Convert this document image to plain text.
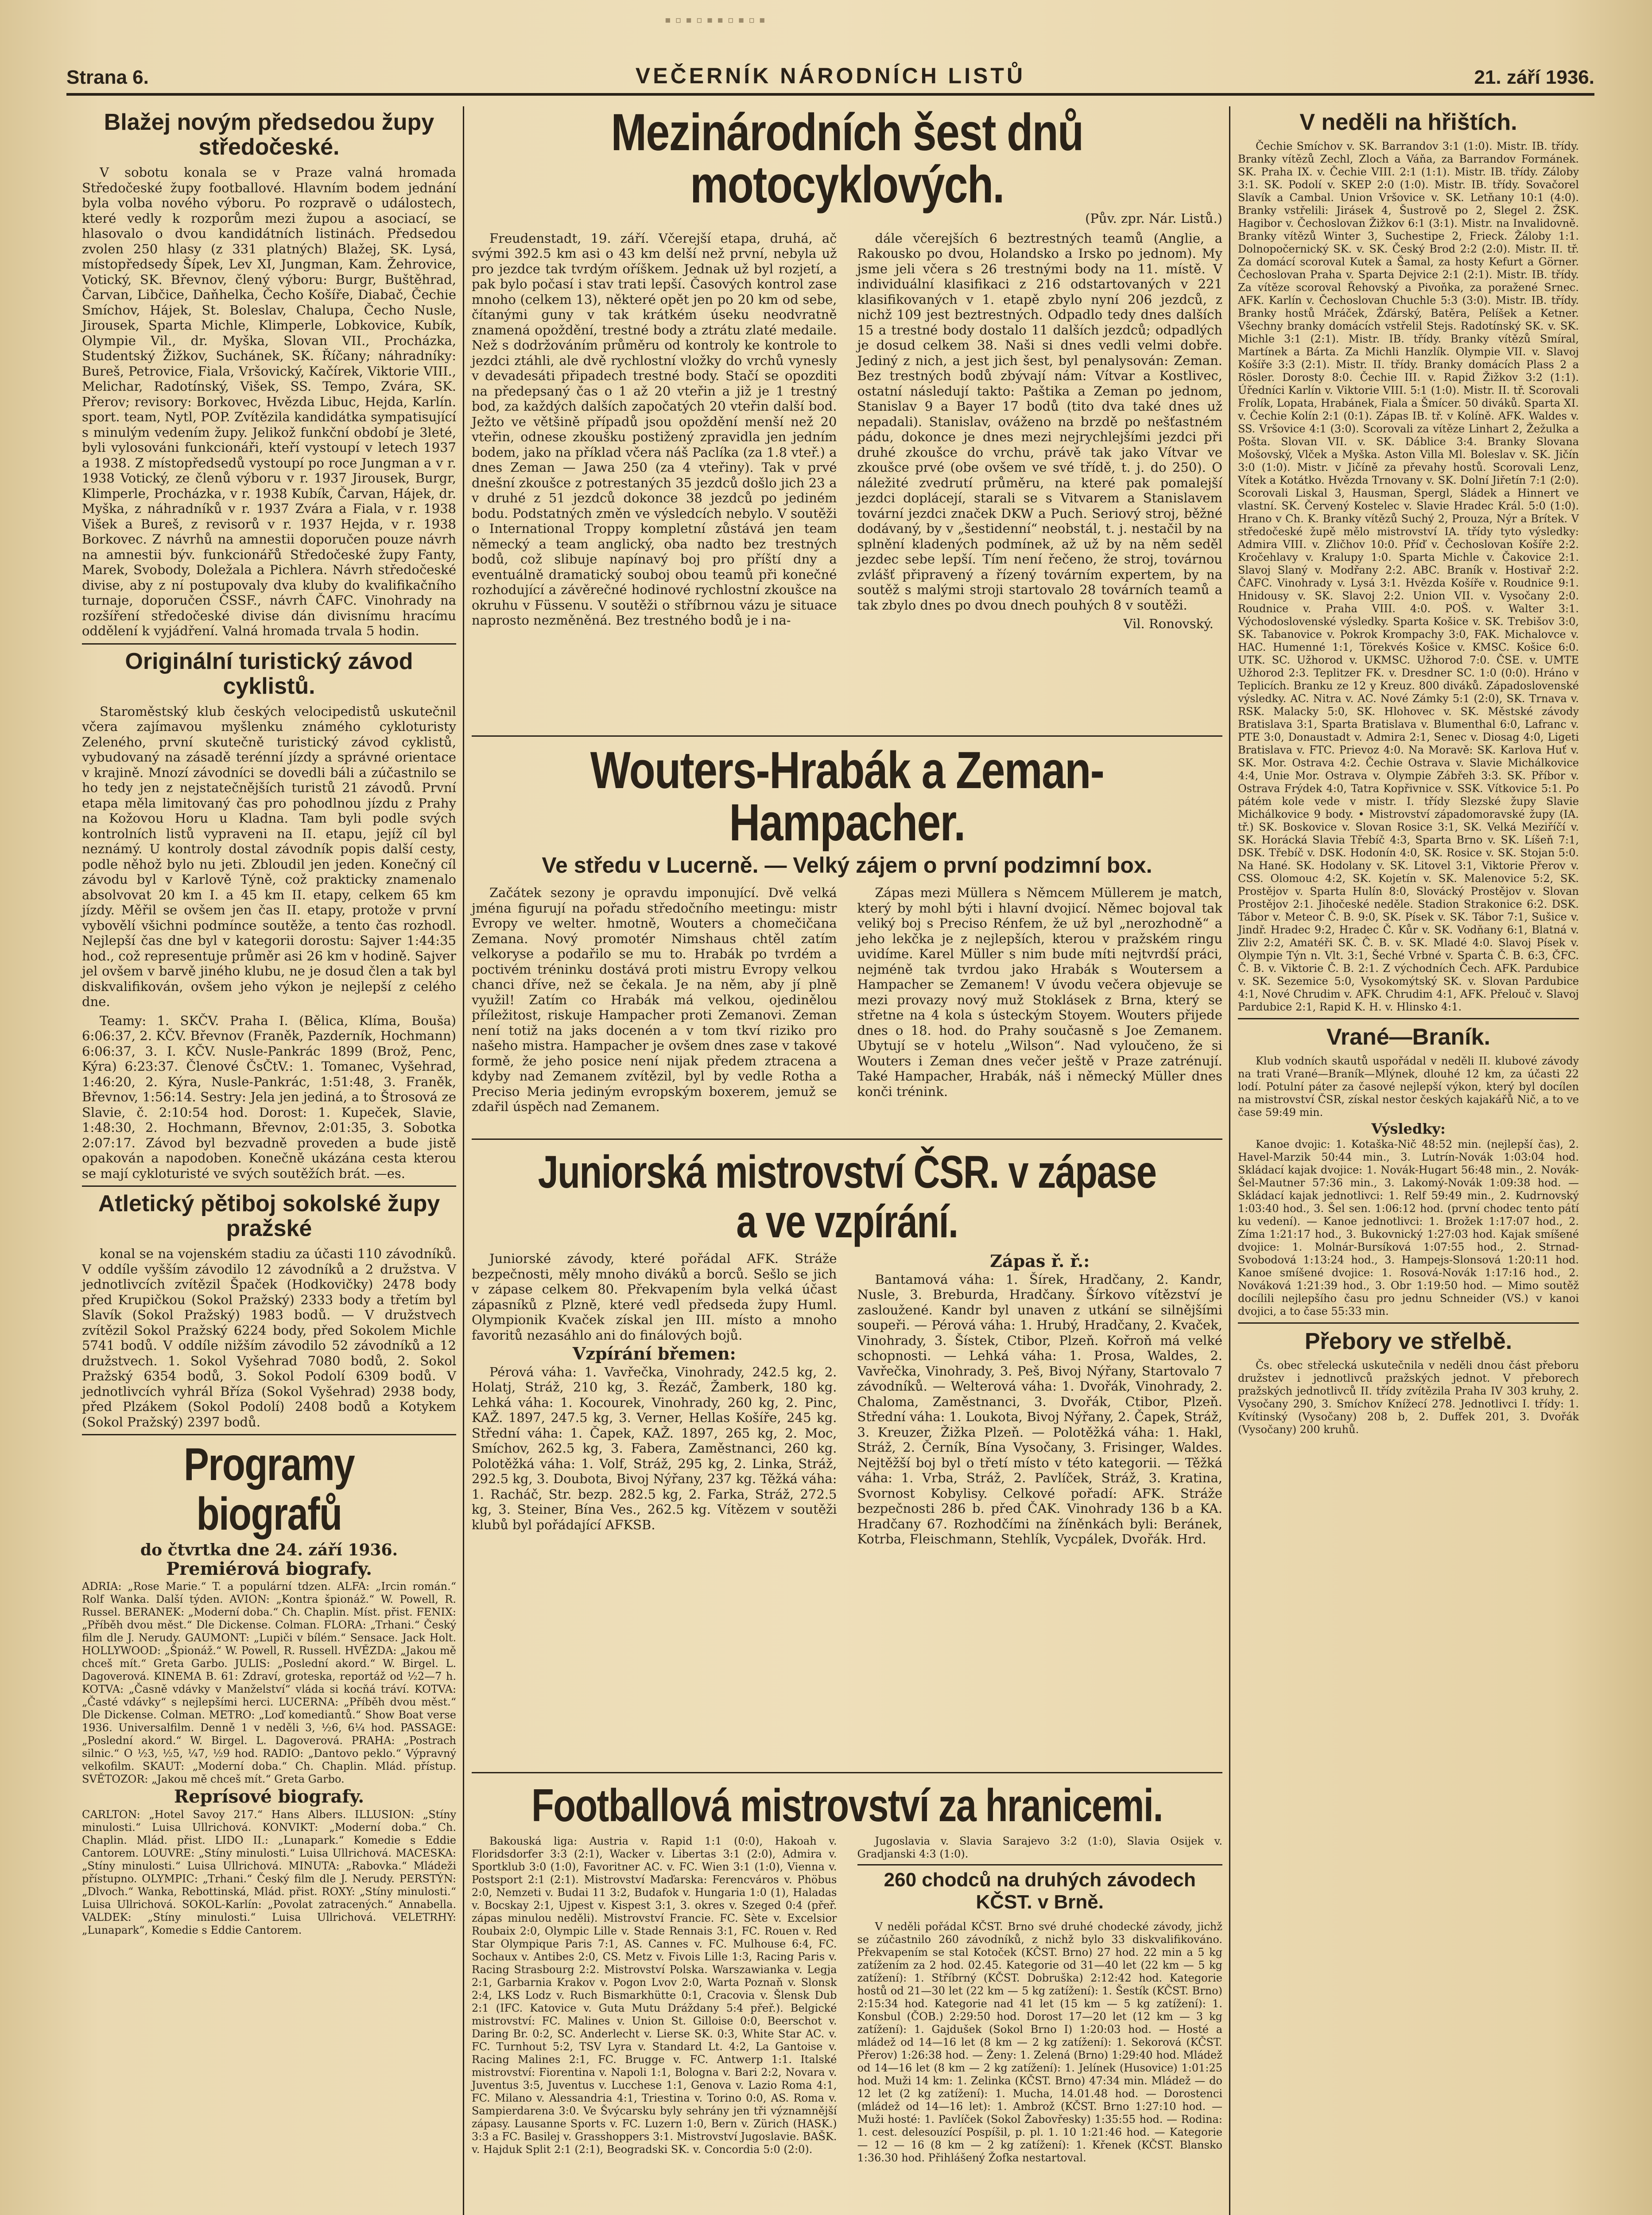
▪▫▪▫▪▪▫▪▫▪
Strana 6.	VEČERNÍK NÁRODNÍCH LISTŮ	21. září 1936.
Blažej novým předsedou župy středočeské.

V sobotu konala se v Praze valná hromada Středočeské župy footballové. Hlavním bodem jednání byla volba nového výboru. Po rozpravě o událostech, které vedly k rozporům mezi župou a asociací, se hlasovalo o dvou kandidátních listinách. Předsedou zvolen 250 hlasy (z 331 platných) Blažej, SK. Lysá, místopředsedy Šípek, Lev XI, Jungman, Kam. Žehrovice, Votický, SK. Břevnov, člený výboru: Burgr, Buštěhrad, Čarvan, Libčice, Daňhelka, Čecho Košíře, Diabač, Čechie Smíchov, Hájek, St. Boleslav, Chalupa, Čecho Nusle, Jirousek, Sparta Michle, Klimperle, Lobkovice, Kubík, Olympie Vil., dr. Myška, Slovan VII., Procházka, Studentský Žižkov, Suchánek, SK. Říčany; náhradníky: Bureš, Petrovice, Fiala, Vršovický, Kačírek, Viktorie VIII., Melichar, Radotínský, Višek, SS. Tempo, Zvára, SK. Přerov; revisory: Borkovec, Hvězda Libuc, Hejda, Karlín. sport. team, Nytl, POP. Zvítězila kandidátka sympatisující s minulým vedením župy. Jelikož funkční období je 3leté, byli vylosováni funkcionáři, kteří vystoupí v letech 1937 a 1938. Z místopředsedů vystoupí po roce Jungman a v r. 1938 Votický, ze členů výboru v r. 1937 Jirousek, Burgr, Klimperle, Procházka, v r. 1938 Kubík, Čarvan, Hájek, dr. Myška, z náhradníků v r. 1937 Zvára a Fiala, v r. 1938 Višek a Bureš, z revisorů v r. 1937 Hejda, v r. 1938 Borkovec. Z návrhů na amnestii doporučen pouze návrh na amnestii býv. funkcionářů Středočeské župy Fanty, Marek, Svobody, Doležala a Pichlera. Návrh středočeské divise, aby z ní postupovaly dva kluby do kvalifikačního turnaje, doporučen ČSSF., návrh ČAFC. Vinohrady na rozšíření středočeské divise dán divisnímu hracímu oddělení k vyjádření. Valná hromada trvala 5 hodin.

Originální turistický závod cyklistů.

Staroměstský klub českých velocipedistů uskutečnil včera zajímavou myšlenku známého cykloturisty Zeleného, první skutečně turistický závod cyklistů, vybudovaný na zásadě terénní jízdy a správné orientace v krajině. Mnozí závodníci se dovedli báli a zúčastnilo se ho tedy jen z nejstatečnějších turistů 21 závodů. První etapa měla limitovaný čas pro pohodlnou jízdu z Prahy na Kožovou Horu u Kladna. Tam byli podle svých kontrolních listů vypraveni na II. etapu, jejíž cíl byl neznámý. U kontroly dostal závodník popis další cesty, podle něhož bylo nu jeti. Zbloudil jen jeden. Konečný cíl závodu byl v Karlově Týně, což prakticky znamenalo absolvovat 20 km I. a 45 km II. etapy, celkem 65 km jízdy. Měřil se ovšem jen čas II. etapy, protože v první vybovělí všichni podmínce soutěže, a tento čas rozhodl. Nejlepší čas dne byl v kategorii dorostu: Sajver 1:44:35 hod., což representuje průměr asi 26 km v hodině. Sajver jel ovšem v barvě jiného klubu, ne je dosud člen a tak byl diskvalifikován, ovšem jeho výkon je nejlepší z celého dne.

Teamy: 1. SKČV. Praha I. (Bělica, Klíma, Bouša) 6:06:37, 2. KČV. Břevnov (Franěk, Pazderník, Hochmann) 6:06:37, 3. I. KČV. Nusle-Pankrác 1899 (Brož, Penc, Kýra) 6:23:37. Členové ČsČtV.: 1. Tomanec, Vyšehrad, 1:46:20, 2. Kýra, Nusle-Pankrác, 1:51:48, 3. Franěk, Břevnov, 1:56:14. Sestry: Jela jen jediná, a to Štrosová ze Slavie, č. 2:10:54 hod. Dorost: 1. Kupeček, Slavie, 1:48:30, 2. Hochmann, Břevnov, 2:01:35, 3. Sobotka 2:07:17. Závod byl bezvadně proveden a bude jistě opakován a napodoben. Konečně ukázána cesta kterou se mají cykloturisté ve svých soutěžích brát. —es.

Atletický pětiboj sokolské župy pražské

konal se na vojenském stadiu za účasti 110 závodníků. V oddíle vyšším závodilo 12 závodníků a 2 družstva. V jednotlivcích zvítězil Špaček (Hodkovičky) 2478 body před Krupičkou (Sokol Pražský) 2333 body a třetím byl Slavík (Sokol Pražský) 1983 bodů. — V družstvech zvítězil Sokol Pražský 6224 body, před Sokolem Michle 5741 bodů. V oddíle nižším závodilo 52 závodníků a 12 družstvech. 1. Sokol Vyšehrad 7080 bodů, 2. Sokol Pražský 6354 bodů, 3. Sokol Podolí 6309 bodů. V jednotlivcích vyhrál Bříza (Sokol Vyšehrad) 2938 body, před Plzákem (Sokol Podolí) 2408 bodů a Kotykem (Sokol Pražský) 2397 bodů.

Programy biografů
do čtvrtka dne 24. září 1936.
Premiérová biografy.
ADRIA: „Rose Marie.“ T. a populární tdzen. ALFA: „Ircin román.“ Rolf Wanka. Další týden. AVION: „Kontra špionáž.“ W. Powell, R. Russel. BERANEK: „Moderní doba.“ Ch. Chaplin. Míst. přist. FENIX: „Příběh dvou měst.“ Dle Dickense. Colman. FLORA: „Trhani.“ Český film dle J. Nerudy. GAUMONT: „Lupiči v bílém.“ Sensace. Jack Holt. HOLLYWOOD: „Špionáž.“ W. Powell, R. Russell. HVĚZDA: „Jakou mě chceš mít.“ Greta Garbo. JULIS: „Poslední akord.“ W. Birgel. L. Dagoverová. KINEMA B. 61: Zdraví, groteska, reportáž od ½2—7 h. KOTVA: „Časně vdávky v Manželství“ vláda si kocňá tráví. KOTVA: „Časté vdávky“ s nejlepšími herci. LUCERNA: „Příběh dvou měst.“ Dle Dickense. Colman. METRO: „Loď komediantů.“ Show Boat verse 1936. Universalfilm. Denně 1 v neděli 3, ½6, 6¼ hod. PASSAGE: „Poslední akord.“ W. Birgel. L. Dagoverová. PRAHA: „Postrach silnic.“ O ½3, ½5, ¼7, ½9 hod. RADIO: „Dantovo peklo.“ Výpravný velkofilm. SKAUT: „Moderní doba.“ Ch. Chaplin. Mlád. přístup. SVĚTOZOR: „Jakou mě chceš mít.“ Greta Garbo.
Reprísové biografy.
CARLTON: „Hotel Savoy 217.“ Hans Albers. ILLUSION: „Stíny minulosti.“ Luisa Ullrichová. KONVIKT: „Moderní doba.“ Ch. Chaplin. Mlád. přist. LIDO II.: „Lunapark.“ Komedie s Eddie Cantorem. LOUVRE: „Stíny minulosti.“ Luisa Ullrichová. MACESKA: „Stíny minulosti.“ Luisa Ullrichová. MINUTA: „Rabovka.“ Mládeži přístupno. OLYMPIC: „Trhani.“ Český film dle J. Nerudy. PERSTÝN: „Dlvoch.“ Wanka, Rebottinská, Mlád. přist. ROXY: „Stíny minulosti.“ Luisa Ullrichová. SOKOL-Karlín: „Povolat zatracených.“ Annabella. VALDEK: „Stíny minulosti.“ Luisa Ullrichová. VELETRHY: „Lunapark“, Komedie s Eddie Cantorem.
Mezinárodních šest dnů motocyklových.
(Pův. zpr. Nár. Listů.)

Freudenstadt, 19. září. Včerejší etapa, druhá, ač svými 392.5 km asi o 43 km delší než první, nebyla už pro jezdce tak tvrdým oříškem. Jednak už byl rozjetí, a pak bylo počasí i stav trati lepší. Časových kontrol zase mnoho (celkem 13), některé opět jen po 20 km od sebe, čítanými guny v tak krátkém úseku neodvratně znamená opoždění, trestné body a ztrátu zlaté medaile. Než s dodržováním průměru od kontroly ke kontrole to jezdci ztáhli, ale dvě rychlostní vložky do vrchů vynesly v devadesáti připadech trestné body. Stačí se opozditi na předepsaný čas o 1 až 20 vteřin a již je 1 trestný bod, za každých dalších započatých 20 vteřin další bod. Ježto ve většině případů jsou opoždění menší než 20 vteřin, odnese zkoušku postižený zpravidla jen jedním bodem, jako na příklad včera náš Paclíka (za 1.8 vteř.) a dnes Zeman — Jawa 250 (za 4 vteřiny). Tak v prvé dnešní zkoušce z potrestaných 35 jezdců došlo jich 23 a v druhé z 51 jezdců dokonce 38 jezdců po jediném bodu. Podstatných změn ve výsledcích nebylo. V soutěži o International Troppy kompletní zůstává jen team německý a team anglický, oba nadto bez trestných bodů, což slibuje napínavý boj pro příští dny a eventuálně dramatický souboj obou teamů při konečné rozhodující a závěrečné hodinové rychlostní zkoušce na okruhu v Füssenu. V soutěži o stříbrnou vázu je situace naprosto nezměněná. Bez trestného bodů je i na-

dále včerejších 6 beztrestných teamů (Anglie, a Rakousko po dvou, Holandsko a Irsko po jednom). My jsme jeli včera s 26 trestnými body na 11. místě. V individuální klasifikaci z 216 odstartovaných v 221 klasifikovaných v 1. etapě zbylo nyní 206 jezdců, z nichž 109 jest beztrestných. Odpadlo tedy dnes dalších 15 a trestné body dostalo 11 dalších jezdců; odpadlých je dosud celkem 38. Naši si dnes vedli velmi dobře. Jediný z nich, a jest jich šest, byl penalysován: Zeman. Bez trestných bodů zbývají nám: Vítvar a Kostlivec, ostatní následují takto: Paštika a Zeman po jednom, Stanislav 9 a Bayer 17 bodů (tito dva také dnes už nepadali). Stanislav, ováženo na brzdě po nešťastném pádu, dokonce je dnes mezi nejrychlejšími jezdci při druhé zkoušce do vrchu, právě tak jako Vítvar ve zkoušce prvé (obe ovšem ve své třídě, t. j. do 250). O náležité zvedrutí průměru, na které pak pomalejší jezdci doplácejí, starali se s Vitvarem a Stanislavem tovární jezdci značek DKW a Puch. Seriový stroj, běžné dodávaný, by v „šestidenní“ neobstál, t. j. nestačil by na splnění kladených podmínek, až už by na něm seděl jezdec sebe lepší. Tím není řečeno, že stroj, továrnou zvlášť připravený a řízený továrním expertem, by na soutěž s malými stroji startovalo 28 továrních teamů a tak zbylo dnes po dvou dnech pouhých 8 v soutěži.

Vil. Ronovský.
Wouters-Hrabák a Zeman-Hampacher.
Ve středu v Lucerně. — Velký zájem o první podzimní box.

Začátek sezony je opravdu imponující. Dvě velká jména figurují na pořadu středočního meetingu: mistr Evropy ve welter. hmotně, Wouters a chomečičana Zemana. Nový promotér Nimshaus chtěl zatím velkoryse a podařilo se mu to. Hrabák po tvrdém a poctivém tréninku dostává proti mistru Evropy velkou chanci dříve, než se čekala. Je na něm, aby jí plně využil! Zatím co Hrabák má velkou, ojedinělou příležitost, riskuje Hampacher proti Zemanovi. Zeman není totiž na jaks docenén a v tom tkví riziko pro našeho mistra. Hampacher je ovšem dnes zase v takové formě, že jeho posice není nijak předem ztracena a kdyby nad Zemanem zvítězil, byl by vedle Rotha a Preciso Meria jediným evropským boxerem, jemuž se zdařil úspěch nad Zemanem.

Zápas mezi Müllera s Němcem Müllerem je match, který by mohl býti i hlavní dvojicí. Němec bojoval tak veliký boj s Preciso Rénfem, že už byl „nerozhodně“ a jeho lekčka je z nejlepších, kterou v pražském ringu uvidíme. Karel Müller s nim bude míti nejtvrdší práci, nejméně tak tvrdou jako Hrabák s Woutersem a Hampacher se Zemanem! V úvodu večera objevuje se mezi provazy nový muž Stoklásek z Brna, který se střetne na 4 kola s ústeckým Stoyem. Wouters přijede dnes o 18. hod. do Prahy současně s Joe Zemanem. Ubytují se v hotelu „Wilson“. Nad vyloučeno, že si Wouters i Zeman dnes večer ještě v Praze zatrénují. Také Hampacher, Hrabák, náš i německý Müller dnes konči trénink.

Juniorská mistrovství ČSR. v zápase
a ve vzpírání.

Juniorské závody, které pořádal AFK. Stráže bezpečnosti, měly mnoho diváků a borců. Sešlo se jich v zápase celkem 80. Překvapením byla velká účast zápasníků z Plzně, které vedl předseda župy Huml. Olympionik Kvaček získal jen III. místo a mnoho favoritů nezasáhlo ani do finálových bojů.

Vzpírání břemen:

Pérová váha: 1. Vavřečka, Vinohrady, 242.5 kg, 2. Holatj, Stráž, 210 kg, 3. Řezáč, Žamberk, 180 kg. Lehká váha: 1. Kocourek, Vinohrady, 260 kg, 2. Pinc, KAŽ. 1897, 247.5 kg, 3. Verner, Hellas Košíře, 245 kg. Střední váha: 1. Čapek, KAŽ. 1897, 265 kg, 2. Moc, Smíchov, 262.5 kg, 3. Fabera, Zaměstnanci, 260 kg. Polotěžká váha: 1. Volf, Stráž, 295 kg, 2. Linka, Stráž, 292.5 kg, 3. Doubota, Bivoj Nýřany, 237 kg. Těžká váha: 1. Racháč, Str. bezp. 282.5 kg, 2. Farka, Stráž, 272.5 kg, 3. Steiner, Bína Ves., 262.5 kg. Vítězem v soutěži klubů byl pořádající AFKSB.

Zápas ř. ř.:

Bantamová váha: 1. Šírek, Hradčany, 2. Kandr, Nusle, 3. Breburda, Hradčany. Šírkovo vítězství je zasloužené. Kandr byl unaven z utkání se silnějšími soupeři. — Pérová váha: 1. Hrubý, Hradčany, 2. Kvaček, Vinohrady, 3. Šístek, Ctibor, Plzeň. Kořroň má velké schopnosti. — Lehká váha: 1. Prosa, Waldes, 2. Vavřečka, Vinohrady, 3. Peš, Bivoj Nýřany, Startovalo 7 závodníků. — Welterová váha: 1. Dvořák, Vinohrady, 2. Chaloma, Zaměstnanci, 3. Dvořák, Ctibor, Plzeň. Střední váha: 1. Loukota, Bivoj Nýřany, 2. Čapek, Stráž, 3. Kreuzer, Žižka Plzeň. — Polotěžká váha: 1. Hakl, Stráž, 2. Černík, Bína Vysočany, 3. Frisinger, Waldes. Nejtěžší boj byl o třetí místo v této kategorii. — Těžká váha: 1. Vrba, Stráž, 2. Pavlíček, Stráž, 3. Kratina, Svornost Kobylisy. Celkové pořadí: AFK. Stráže bezpečnosti 286 b. před ČAK. Vinohrady 136 b a KA. Hradčany 67. Rozhodčími na žíněnkách byli: Beránek, Kotrba, Fleischmann, Stehlík, Vycpálek, Dvořák. Hrd.

Footballová mistrovství za hranicemi.

Bakouská liga: Austria v. Rapid 1:1 (0:0), Hakoah v. Floridsdorfer 3:3 (2:1), Wacker v. Libertas 3:1 (2:0), Admira v. Sportklub 3:0 (1:0), Favoritner AC. v. FC. Wien 3:1 (1:0), Vienna v. Postsport 2:1 (2:1). Mistrovství Maďarska: Ferencváros v. Phöbus 2:0, Nemzeti v. Budai 11 3:2, Budafok v. Hungaria 1:0 (1), Haladas v. Bocskay 2:1, Ujpest v. Kispest 3:1, 3. okres v. Szeged 0:4 (přeř. zápas minulou neděli). Mistrovství Francie. FC. Sète v. Excelsior Roubaix 2:0, Olympic Lille v. Stade Rennais 3:1, FC. Rouen v. Red Star Olympique Paris 7:1, AS. Cannes v. FC. Mulhouse 6:4, FC. Sochaux v. Antibes 2:0, CS. Metz v. Fivois Lille 1:3, Racing Paris v. Racing Strasbourg 2:2. Mistrovství Polska. Warszawianka v. Legja 2:1, Garbarnia Krakov v. Pogon Lvov 2:0, Warta Poznaň v. Slonsk 2:4, LKS Lodz v. Ruch Bismarkhütte 0:1, Cracovia v. Šlensk Dub 2:1 (IFC. Katovice v. Guta Mutu Dráždany 5:4 přeř.). Belgické mistrovství: FC. Malines v. Union St. Gilloise 0:0, Beerschot v. Daring Br. 0:2, SC. Anderlecht v. Lierse SK. 0:3, White Star AC. v. FC. Turnhout 5:2, TSV Lyra v. Standard Lt. 4:2, La Gantoise v. Racing Malines 2:1, FC. Brugge v. FC. Antwerp 1:1. Italské mistrovství: Fiorentina v. Napoli 1:1, Bologna v. Bari 2:2, Novara v. Juventus 3:5, Juventus v. Lucchese 1:1, Genova v. Lazio Roma 4:1, FC. Milano v. Alessandria 4:1, Triestina v. Torino 0:0, AS. Roma v. Sampierdarena 3:0. Ve Švýcarsku byly sehrány jen tři významnější zápasy. Lausanne Sports v. FC. Luzern 1:0, Bern v. Zürich (HASK.) 3:3 a FC. Basilej v. Grasshoppers 3:1. Mistrovství Jugoslavie. BAŠK. v. Hajduk Split 2:1 (2:1), Beogradski SK. v. Concordia 5:0 (2:0).

Jugoslavia v. Slavia Sarajevo 3:2 (1:0), Slavia Osijek v. Gradjanski 4:3 (1:0).

260 chodců na druhých závodech KČST. v Brně.

V neděli pořádal KČST. Brno své druhé chodecké závody, jichž se zúčastnilo 260 závodníků, z nichž bylo 33 diskvalifikováno. Překvapením se stal Kotoček (KČST. Brno) 27 hod. 22 min a 5 kg zatížením za 2 hod. 02.45. Kategorie od 31—40 let (22 km — 5 kg zatížení): 1. Stříbrný (KČST. Dobruška) 2:12:42 hod. Kategorie hostů od 21—30 let (22 km — 5 kg zatížení): 1. Šestík (KČST. Brno) 2:15:34 hod. Kategorie nad 41 let (15 km — 5 kg zatížení): 1. Konsbul (ČOB.) 2:29:50 hod. Dorost 17—20 let (12 km — 3 kg zatížení): 1. Gajdušek (Sokol Brno I) 1:20:03 hod. — Hosté a mládež od 14—16 let (8 km — 2 kg zatížení): 1. Sekorová (KČST. Přerov) 1:26:38 hod. — Ženy: 1. Zelená (Brno) 1:29:40 hod. Mládež od 14—16 let (8 km — 2 kg zatížení): 1. Jelínek (Husovice) 1:01:25 hod. Muži 14 km: 1. Zelinka (KČST. Brno) 47:34 min. Mládež — do 12 let (2 kg zatížení): 1. Mucha, 14.01.48 hod. — Dorostenci (mládež od 14—16 let): 1. Ambrož (KČST. Brno 1:27:10 hod. — Muži hosté: 1. Pavlíček (Sokol Žabovřesky) 1:35:55 hod. — Rodina: 1. cest. delesouzící Pospíšil, p. pl. 1. 10 1:21:46 hod. — Kategorie — 12 — 16 (8 km — 2 kg zatížení): 1. Křenek (KČST. Blansko 1:36.30 hod. Přihlášený Žofka nestartoval.

V neděli na hřištích.

Čechie Smíchov v. SK. Barrandov 3:1 (1:0). Mistr. IB. třídy. Branky vítězů Zechl, Zloch a Váňa, za Barrandov Formánek. SK. Praha IX. v. Čechie VIII. 2:1 (1:1). Mistr. IB. třídy. Záloby 3:1. SK. Podolí v. SKEP 2:0 (1:0). Mistr. IB. třídy. Sovačorel Slavík a Cambal. Union Vršovice v. SK. Letňany 10:1 (4:0). Branky vstřelili: Jirásek 4, Šustrově po 2, Slegel 2. ŽSK. Hagibor v. Čechoslovan Žižkov 6:1 (3:1). Mistr. na Invalidovně. Branky vítězů Winter 3, Suchestipe 2, Frieck. Žáloby 1:1. Dolnopočernický SK. v. SK. Český Brod 2:2 (2:0). Mistr. II. tř. Za domácí scoroval Kutek a Šamal, za hosty Kefurt a Görner. Čechoslovan Praha v. Sparta Dejvice 2:1 (2:1). Mistr. IB. třídy. Za vítěze scoroval Řehovský a Pivoňka, za poražené Srnec. AFK. Karlín v. Čechoslovan Chuchle 5:3 (3:0). Mistr. IB. třídy. Branky hostů Mráček, Žďárský, Batěra, Pelíšek a Ketner. Všechny branky domácích vstřelil Stejs. Radotínský SK. v. SK. Michle 3:1 (2:1). Mistr. IB. třídy. Branky vítězů Smíral, Martínek a Bárta. Za Michli Hanzlík. Olympie VII. v. Slavoj Košíře 3:3 (2:1). Mistr. II. třídy. Branky domácích Plass 2 a Rösler. Dorosty 8:0. Čechie III. v. Rapid Žižkov 3:2 (1:1). Úředníci Karlín v. Viktorie VIII. 5:1 (1:0). Mistr. II. tř. Scorovali Frolík, Lopata, Hrabánek, Fiala a Šmícer. 50 diváků. Sparta XI. v. Čechie Kolín 2:1 (0:1). Zápas IB. tř. v Kolíně. AFK. Waldes v. SS. Vršovice 4:1 (3:0). Scorovali za vítěze Linhart 2, Žežulka a Pošta. Slovan VII. v. SK. Dáblice 3:4. Branky Slovana Mošovský, Vlček a Myška. Aston Villa Ml. Boleslav v. SK. Jičín 3:0 (1:0). Mistr. v Jičíně za převahy hostů. Scorovali Lenz, Vítek a Kotátko. Hvězda Trnovany v. SK. Dolní Jiřetín 7:1 (2:0). Scorovali Liskal 3, Hausman, Spergl, Sládek a Hinnert ve vlastní. SK. Červený Kostelec v. Slavie Hradec Král. 5:0 (1:0). Hrano v Ch. K. Branky vítězů Suchý 2, Prouza, Nýr a Brítek. V středočeské župě mělo mistrovství IA. třídy tyto výsledky: Admira VIII. v. Zličhov 10:0. Příď v. Čechoslovan Košíře 2:2. Kročehlavy v. Kralupy 1:0. Sparta Michle v. Čakovice 2:1. Slavoj Slaný v. Modřany 2:2. ABC. Braník v. Hostivař 2:2. ČAFC. Vinohrady v. Lysá 3:1. Hvězda Košíře v. Roudnice 9:1. Hnidousy v. SK. Slavoj 2:2. Union VII. v. Vysočany 2:0. Roudnice v. Praha VIII. 4:0. POŠ. v. Walter 3:1. Východoslovenské výsledky. Sparta Košice v. SK. Trebišov 3:0, SK. Tabanovice v. Pokrok Krompachy 3:0, FAK. Michalovce v. HAC. Humenné 1:1, Törekvés Košice v. KMSC. Košice 6:0. UTK. SC. Užhorod v. UKMSC. Užhorod 7:0. ČSE. v. UMTE Užhorod 2:3. Teplitzer FK. v. Dresdner SC. 1:0 (0:0). Hráno v Teplicích. Branku ze 12 y Kreuz. 800 diváků. Západoslovenské výsledky. AC. Nitra v. AC. Nové Zámky 5:1 (2:0), SK. Trnava v. RSK. Malacky 5:0, SK. Hlohovec v. SK. Městské závody Bratislava 3:1, Sparta Bratislava v. Blumenthal 6:0, Lafranc v. PTE 3:0, Donaustadt v. Admira 2:1, Senec v. Diosag 4:0, Ligeti Bratislava v. FTC. Prievoz 4:0. Na Moravě: SK. Karlova Huť v. SK. Mor. Ostrava 4:2. Čechie Ostrava v. Slavie Michálkovice 4:4, Unie Mor. Ostrava v. Olympie Zábřeh 3:3. SK. Příbor v. Ostrava Frýdek 4:0, Tatra Kopřivnice v. SSK. Vítkovice 5:1. Po pátém kole vede v mistr. I. třídy Slezské župy Slavie Michálkovice 9 body. • Mistrovství západomoravské župy (IA. tř.) SK. Boskovice v. Slovan Rosice 3:1, SK. Velká Meziříčí v. SK. Horácká Slavia Třebíč 4:3, Sparta Brno v. SK. Líšeň 7:1, DSK. Třebíč v. DSK. Hodonín 4:0, SK. Rosice v. SK. Stojan 5:0. Na Hané. SK. Hodolany v. SK. Litovel 3:1, Viktorie Přerov v. CSS. Olomouc 4:2, SK. Kojetín v. SK. Malenovice 5:2, SK. Prostějov v. Sparta Hulín 8:0, Slovácký Prostějov v. Slovan Prostějov 2:1. Jihočeské neděle. Stadion Strakonice 6:2. DSK. Tábor v. Meteor Č. B. 9:0, SK. Písek v. SK. Tábor 7:1, Sušice v. Jindř. Hradec 9:2, Hradec Č. Kůr v. SK. Vodňany 6:1, Blatná v. Zliv 2:2, Amatéři SK. Č. B. v. SK. Mladé 4:0. Slavoj Písek v. Olympie Týn n. Vlt. 3:1, Šeché Vrbné v. Sparta Č. B. 6:3, ČFC. Č. B. v. Viktorie Č. B. 2:1. Z východních Čech. AFK. Pardubice v. SK. Sezemice 5:0, Vysokomýtský SK. v. Slovan Pardubice 4:1, Nové Chrudim v. AFK. Chrudim 4:1, AFK. Přelouč v. Slavoj Pardubice 2:1, Rapid K. H. v. Hlinsko 4:1.

Vrané—Braník.

Klub vodních skautů uspořádal v neděli II. klubové závody na trati Vrané—Braník—Mlýnek, dlouhé 12 km, za účasti 22 lodí. Potulní páter za časové nejlepší výkon, který byl docílen na mistrovství ČSR, získal nestor českých kajakářů Nič, a to ve čase 59:49 min.

Výsledky:

Kanoe dvojic: 1. Kotaška-Nič 48:52 min. (nejlepší čas), 2. Havel-Marzik 50:44 min., 3. Lutrín-Novák 1:03:04 hod. Skládací kajak dvojice: 1. Novák-Hugart 56:48 min., 2. Novák-Šel-Mautner 57:36 min., 3. Lakomý-Novák 1:09:38 hod. — Skládací kajak jednotlivci: 1. Relf 59:49 min., 2. Kudrnovský 1:03:40 hod., 3. Šel sen. 1:06:12 hod. (první chodec tento pátí ku vedení). — Kanoe jednotlivci: 1. Brožek 1:17:07 hod., 2. Zíma 1:21:17 hod., 3. Bukovnický 1:27:03 hod. Kajak smíšené dvojice: 1. Molnár-Bursíková 1:07:55 hod., 2. Strnad-Svobodová 1:13:24 hod., 3. Hampejs-Slonsová 1:20:11 hod. Kanoe smíšené dvojice: 1. Rosová-Novák 1:17:16 hod., 2. Nováková 1:21:39 hod., 3. Obr 1:19:50 hod. — Mimo soutěž docílili nejlepšího času pro jednu Schneider (VS.) v kanoi dvojici, a to čase 55:33 min.

Přebory ve střelbě.

Čs. obec střelecká uskutečnila v neděli dnou část přeboru družstev i jednotlivců pražských jednot. V přeborech pražských jednotlivců II. třídy zvítězila Praha IV 303 kruhy, 2. Vysočany 290, 3. Smíchov Knížecí 278. Jednotlivci I. třídy: 1. Kvítinský (Vysočany) 208 b, 2. Duffek 201, 3. Dvořák (Vysočany) 200 kruhů.
